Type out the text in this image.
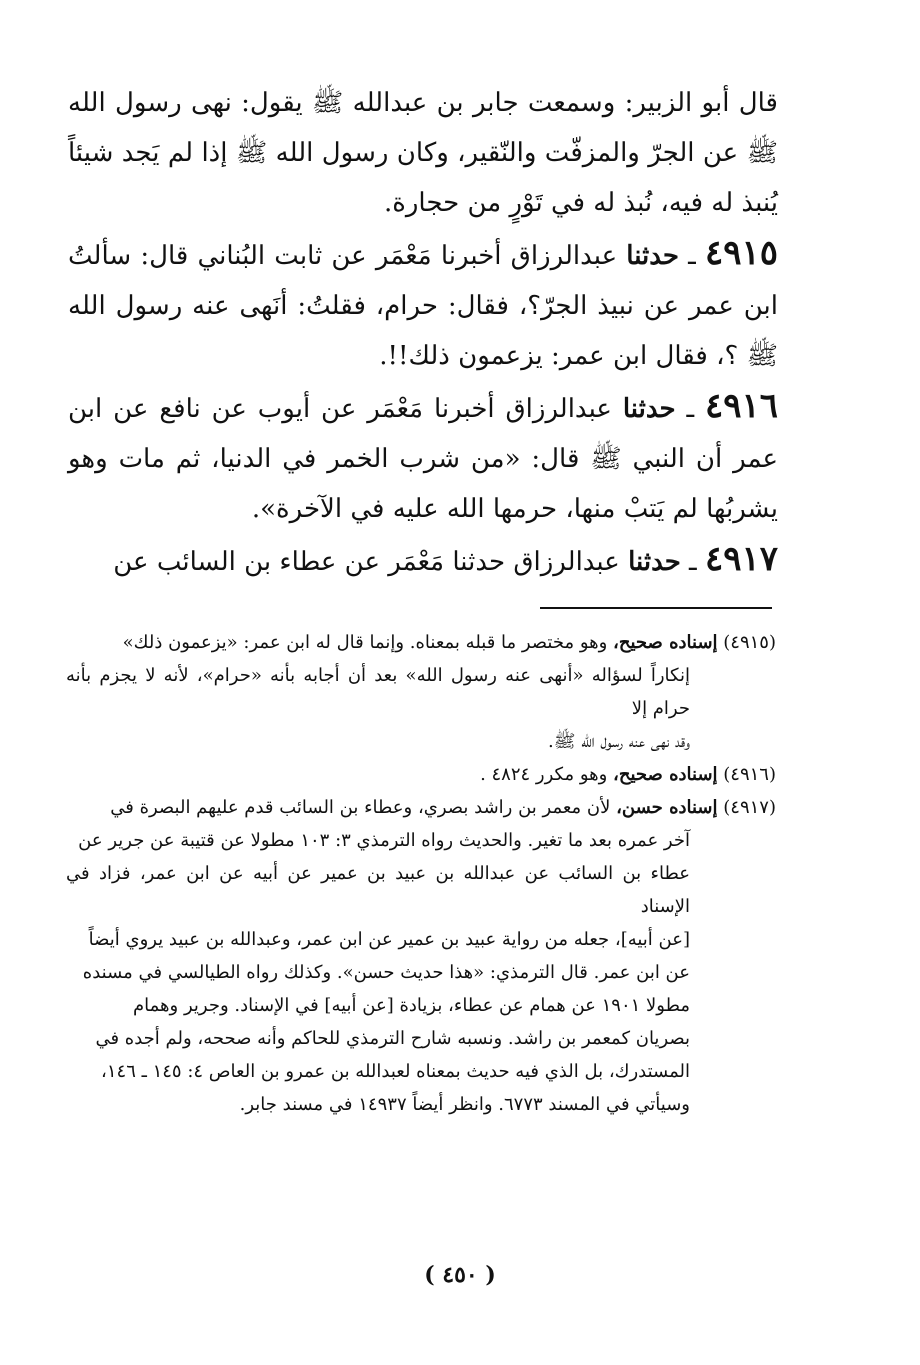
قال أبو الزبير: وسمعت جابر بن عبدالله ﷺ يقول: نهى رسول الله ﷺ عن الجرّ والمزفّت والنّقير، وكان رسول الله ﷺ إذا لم يَجد شيئاً يُنبذ له فيه، نُبذ له في تَوْرٍ من حجارة.

٤٩١٥ ـ حدثنا عبدالرزاق أخبرنا مَعْمَر عن ثابت البُناني قال: سألتُ ابن عمر عن نبيذ الجرّ؟، فقال: حرام، فقلتُ: أنَهى عنه رسول الله ﷺ ؟، فقال ابن عمر: يزعمون ذلك!!.

٤٩١٦ ـ حدثنا عبدالرزاق أخبرنا مَعْمَر عن أيوب عن نافع عن ابن عمر أن النبي ﷺ قال: «من شرب الخمر في الدنيا، ثم مات وهو يشربُها لم يَتبْ منها، حرمها الله عليه في الآخرة».

٤٩١٧ ـ حدثنا عبدالرزاق حدثنا مَعْمَر عن عطاء بن السائب عن

(٤٩١٥) إسناده صحيح، وهو مختصر ما قبله بمعناه. وإنما قال له ابن عمر: «يزعمون ذلك»
إنكاراً لسؤاله «أنهى عنه رسول الله» بعد أن أجابه بأنه «حرام»، لأنه لا يجزم بأنه حرام إلا
وقد نهى عنه رسول الله ﷺ.
(٤٩١٦) إسناده صحيح، وهو مكرر ٤٨٢٤ .
(٤٩١٧) إسناده حسن، لأن معمر بن راشد بصري، وعطاء بن السائب قدم عليهم البصرة في
آخر عمره بعد ما تغير. والحديث رواه الترمذي ٣: ١٠٣ مطولا عن قتيبة عن جرير عن
عطاء بن السائب عن عبدالله بن عبيد بن عمير عن أبيه عن ابن عمر، فزاد في الإسناد
[عن أبيه]، جعله من رواية عبيد بن عمير عن ابن عمر، وعبدالله بن عبيد يروي أيضاً
عن ابن عمر. قال الترمذي: «هذا حديث حسن». وكذلك رواه الطيالسي في مسنده
مطولا ١٩٠١ عن همام عن عطاء، بزيادة [عن أبيه] في الإسناد. وجرير وهمام
بصريان كمعمر بن راشد. ونسبه شارح الترمذي للحاكم وأنه صححه، ولم أجده في
المستدرك، بل الذي فيه حديث بمعناه لعبدالله بن عمرو بن العاص ٤: ١٤٥ ـ ١٤٦،
وسيأتي في المسند ٦٧٧٣. وانظر أيضاً ١٤٩٣٧ في مسند جابر.
( ٤٥٠ )
